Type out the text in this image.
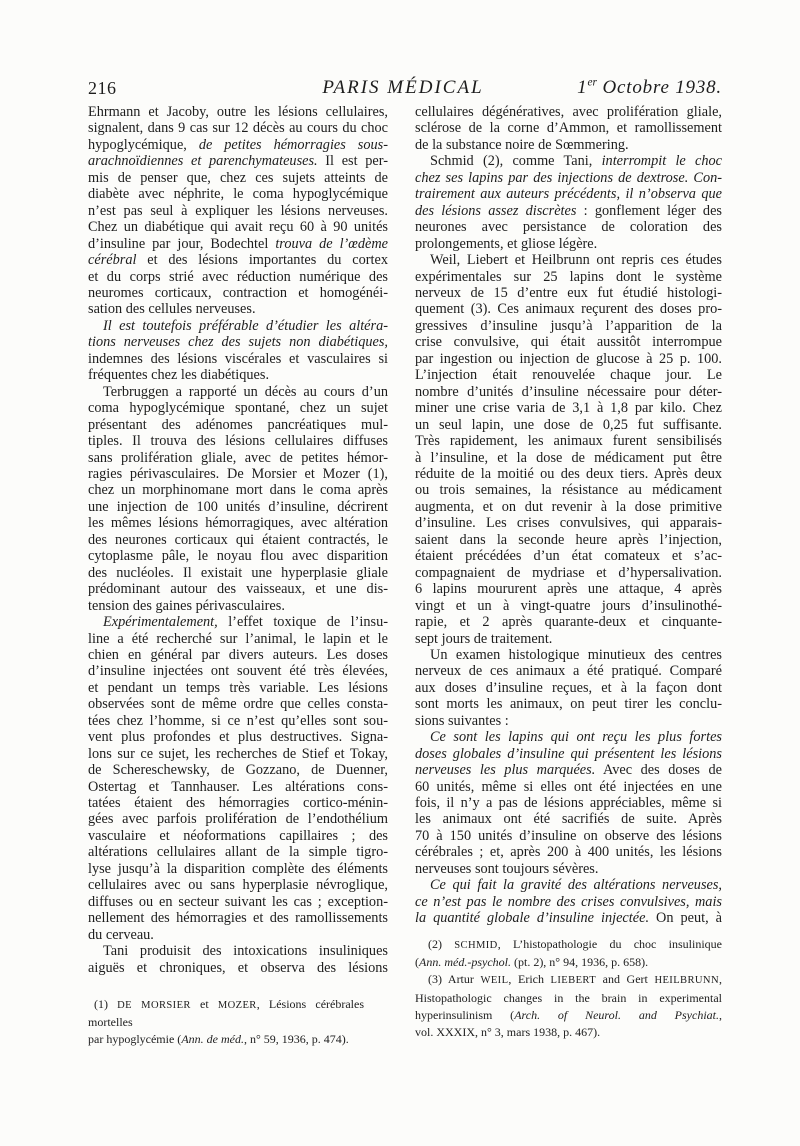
216	PARIS MÉDICAL	1er Octobre 1938.
Ehrmann et Jacoby, outre les lésions cellulaires,
signalent, dans 9 cas sur 12 décès au cours du choc
hypoglycémique, de petites hémorragies sous-
arachnoïdiennes et parenchymateuses. Il est per-
mis de penser que, chez ces sujets atteints de
diabète avec néphrite, le coma hypoglycémique
n’est pas seul à expliquer les lésions nerveuses.
Chez un diabétique qui avait reçu 60 à 90 unités
d’insuline par jour, Bodechtel trouva de l’œdème
cérébral et des lésions importantes du cortex
et du corps strié avec réduction numérique des
neuromes corticaux, contraction et homogénéi-
sation des cellules nerveuses.
Il est toutefois préférable d’étudier les altéra-
tions nerveuses chez des sujets non diabétiques,
indemnes des lésions viscérales et vasculaires si
fréquentes chez les diabétiques.
Terbruggen a rapporté un décès au cours d’un
coma hypoglycémique spontané, chez un sujet
présentant des adénomes pancréatiques mul-
tiples. Il trouva des lésions cellulaires diffuses
sans prolifération gliale, avec de petites hémor-
ragies périvasculaires. De Morsier et Mozer (1),
chez un morphinomane mort dans le coma après
une injection de 100 unités d’insuline, décrirent
les mêmes lésions hémorragiques, avec altération
des neurones corticaux qui étaient contractés, le
cytoplasme pâle, le noyau flou avec disparition
des nucléoles. Il existait une hyperplasie gliale
prédominant autour des vaisseaux, et une dis-
tension des gaines périvasculaires.
Expérimentalement, l’effet toxique de l’insu-
line a été recherché sur l’animal, le lapin et le
chien en général par divers auteurs. Les doses
d’insuline injectées ont souvent été très élevées,
et pendant un temps très variable. Les lésions
observées sont de même ordre que celles consta-
tées chez l’homme, si ce n’est qu’elles sont sou-
vent plus profondes et plus destructives. Signa-
lons sur ce sujet, les recherches de Stief et Tokay,
de Schereschewsky, de Gozzano, de Duenner,
Ostertag et Tannhauser. Les altérations cons-
tatées étaient des hémorragies cortico-ménin-
gées avec parfois prolifération de l’endothélium
vasculaire et néoformations capillaires ; des
altérations cellulaires allant de la simple tigro-
lyse jusqu’à la disparition complète des éléments
cellulaires avec ou sans hyperplasie névroglique,
diffuses ou en secteur suivant les cas ; exception-
nellement des hémorragies et des ramollissements
du cerveau.
Tani produisit des intoxications insuliniques
aiguës et chroniques, et observa des lésions
cellulaires dégénératives, avec prolifération gliale,
sclérose de la corne d’Ammon, et ramollissement
de la substance noire de Sœmmering.
Schmid (2), comme Tani, interrompit le choc
chez ses lapins par des injections de dextrose. Con-
trairement aux auteurs précédents, il n’observa que
des lésions assez discrètes : gonflement léger des
neurones avec persistance de coloration des
prolongements, et gliose légère.
Weil, Liebert et Heilbrunn ont repris ces études
expérimentales sur 25 lapins dont le système
nerveux de 15 d’entre eux fut étudié histologi-
quement (3). Ces animaux reçurent des doses pro-
gressives d’insuline jusqu’à l’apparition de la
crise convulsive, qui était aussitôt interrompue
par ingestion ou injection de glucose à 25 p. 100.
L’injection était renouvelée chaque jour. Le
nombre d’unités d’insuline nécessaire pour déter-
miner une crise varia de 3,1 à 1,8 par kilo. Chez
un seul lapin, une dose de 0,25 fut suffisante.
Très rapidement, les animaux furent sensibilisés
à l’insuline, et la dose de médicament put être
réduite de la moitié ou des deux tiers. Après deux
ou trois semaines, la résistance au médicament
augmenta, et on dut revenir à la dose primitive
d’insuline. Les crises convulsives, qui apparais-
saient dans la seconde heure après l’injection,
étaient précédées d’un état comateux et s’ac-
compagnaient de mydriase et d’hypersalivation.
6 lapins moururent après une attaque, 4 après
vingt et un à vingt-quatre jours d’insulinothé-
rapie, et 2 après quarante-deux et cinquante-
sept jours de traitement.
Un examen histologique minutieux des centres
nerveux de ces animaux a été pratiqué. Comparé
aux doses d’insuline reçues, et à la façon dont
sont morts les animaux, on peut tirer les conclu-
sions suivantes :
Ce sont les lapins qui ont reçu les plus fortes
doses globales d’insuline qui présentent les lésions
nerveuses les plus marquées. Avec des doses de
60 unités, même si elles ont été injectées en une
fois, il n’y a pas de lésions appréciables, même si
les animaux ont été sacrifiés de suite. Après
70 à 150 unités d’insuline on observe des lésions
cérébrales ; et, après 200 à 400 unités, les lésions
nerveuses sont toujours sévères.
Ce qui fait la gravité des altérations nerveuses,
ce n’est pas le nombre des crises convulsives, mais
la quantité globale d’insuline injectée. On peut, à
(1) DE MORSIER et MOZER, Lésions cérébrales mortelles
par hypoglycémie (Ann. de méd., n° 59, 1936, p. 474).
(2) SCHMID, L’histopathologie du choc insulinique
(Ann. méd.-psychol. (pt. 2), n° 94, 1936, p. 658).
(3) Artur WEIL, Erich LIEBERT and Gert HEILBRUNN,
Histopathologic changes in the brain in experimental
hyperinsulinism (Arch. of Neurol. and Psychiat.,
vol. XXXIX, n° 3, mars 1938, p. 467).
